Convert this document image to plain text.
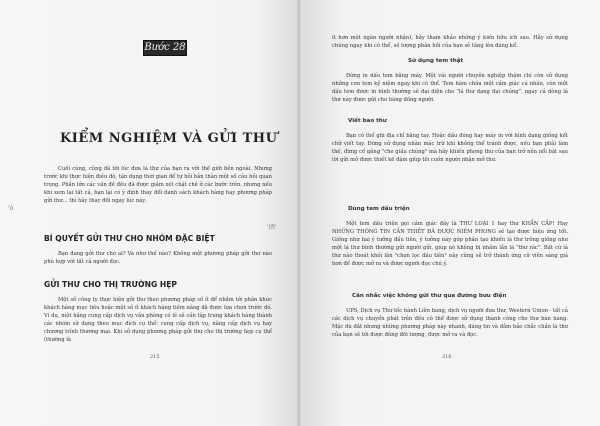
Bước 28
KIỂM NGHIỆM VÀ GỬI THƯ
Cuối cùng, cũng đã tới lúc đưa lá thư của bạn ra với thế giới bên ngoài. Nhưng trước khi thực hiện điều đó, tận dụng thời gian để tự hỏi bản thân một số câu hỏi quan trọng. Phần lớn các vấn đề đều đã được giảm xét chặt chẽ ở các bước trên, nhưng nếu khi xem lại tất cả, bạn lại có ý định thay đổi danh sách khách hàng hay phương pháp gửi thư... thì hãy thay đổi ngay lúc này.
'ó
'(fi'
BÍ QUYẾT GỬI THƯ CHO NHÓM ĐẶC BIỆT
Bạn đang gửi thư cho ai? Và như thế nào? Không một phương pháp gửi thư nào phù hợp với tất cả người đọc.
GỬI THƯ CHO THỊ TRƯỜNG HẸP
Một số công ty thực hiện gửi thư theo phương pháp số ít để nhắm tới phân khúc khách hàng mục tiêu hoặc một số ít khách hàng tiềm năng đã được lựa chọn trước đó. Ví dụ, một hãng cung cấp dịch vụ văn phòng có lẽ sẽ cần tập trung khách hàng thành các nhóm sử dụng theo mục đích cụ thể: cung cấp dịch vụ, năng cấp dịch vụ hay chương trình thương mại. Khi sử dụng phương pháp gửi thư cho thị trường hẹp cụ thể (thường là
215
ít hơn một ngàn người nhận), hãy tham khảo những ý kiến hữu ích sau. Hãy sử dụng chúng ngay khi có thể, số lượng phản hồi của bạn sẽ tăng lên đáng kể.
Sử dụng tem thật
Đừng in dấu tem bằng máy. Một vài người chuyên nghiệp thậm chí còn sử dụng những con tem kỷ niệm ngay khi có thể. Tem hàm chứa một cảm giác cá nhân, còn một dấu tem được in bình thường sẽ đại diện cho "lá thư dạng đại chúng", ngay cả dòng lá thư này được gửi cho hàng đống người.
Viết bao thư
Bạn có thể ghi địa chỉ bằng tay. Hoặc dấu đóng hay máy in với hình dạng giống kết chữ viết tay. Đừng sử dụng nhãn mác trừ khi không thể tránh được, nếu bạn phải làm thế, đừng cố gắng "che giấu chúng" mà hãy khiến phong thư của bạn trở nên nổi bật sau lời gửi mở được thiết kế đặm giúp tôi cuốn người nhận mở thư.
Dùng tem dấu triện
Một tem dấu triện gọi cảm giác đây là THƯ LOẠI 1 hay thư KHẨN CẤP! Hay NHỮNG THÔNG TIN CẦN THIẾT ĐÃ ĐƯỢC NIÊM PHONG sẽ tạo được hiệu ứng tốt. Giống như hai ý tưởng đầu tiên, ý tưởng này góp phần tạo khiến lá thư trông giống như một lá thư bình thường gửi người gửi, giúp nó không bị nhầm lẫn là "thư rác". Bất cứ lá thư nào thoát khỏi lần "chọn lọc đầu tiên" này cũng sẽ trở thành ứng cử viên sáng giá hơn để được mở ra và được người đọc chú ý.
Cân nhắc việc không gửi thư qua đường bưu điện
UPS, Dịch vụ Thư tốc hành Liên bang, dịch vụ người đưa thư, Western Union - tất cả các dịch vụ chuyển phát trên đều có thể được sử dụng thành công cho thư bán hàng. Mặc dù đắt nhưng những phương pháp này nhanh, đáng tin và đảm bảo chắc chắn là thư của bạn sẽ tới được đúng đối tượng, được mở ra và đọc.
216
